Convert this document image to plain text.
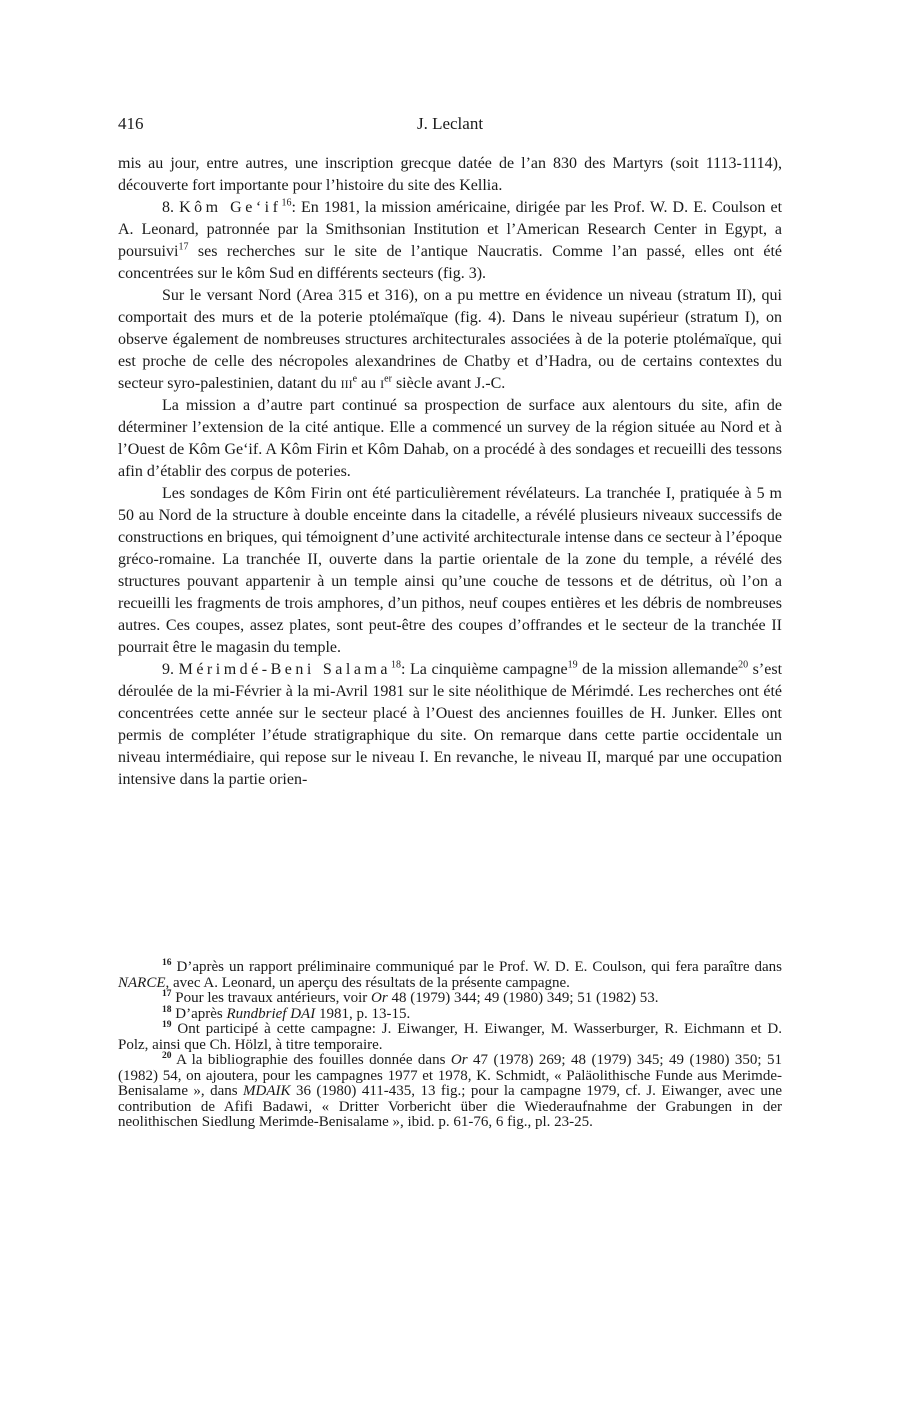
416	J. Leclant

mis au jour, entre autres, une inscription grecque datée de l’an 830 des Martyrs (soit 1113-1114), découverte fort importante pour l’histoire du site des Kellia.

8. Kôm $Ge‘if^{16}$: En 1981, la mission américaine, dirigée par les Prof. W. D. E. Coulson et A. Leonard, patronnée par la Smithsonian Institution et l’American Research Center in Egypt, a poursuivi$^{17}$ ses recherches sur le site de l’antique Naucratis. Comme l’an passé, elles ont été concentrées sur le kôm Sud en différents secteurs (fig. 3).

Sur le versant Nord (Area 315 et 316), on a pu mettre en évidence un niveau (stratum II), qui comportait des murs et de la poterie ptolémaïque (fig. 4). Dans le niveau supérieur (stratum I), on observe également de nombreuses structures architecturales associées à de la poterie ptolémaïque, qui est proche de celle des nécropoles alexandrines de Chatby et d’Hadra, ou de certains contextes du secteur syro-palestinien, datant du IIIe au Ier siècle avant J.-C.

La mission a d’autre part continué sa prospection de surface aux alentours du site, afin de déterminer l’extension de la cité antique. Elle a commencé un survey de la région située au Nord et à l’Ouest de Kôm Ge‘if. A Kôm Firin et Kôm Dahab, on a procédé à des sondages et recueilli des tessons afin d’établir des corpus de poteries.

Les sondages de Kôm Firin ont été particulièrement révélateurs. La tranchée I, pratiquée à 5 m 50 au Nord de la structure à double enceinte dans la citadelle, a révélé plusieurs niveaux successifs de constructions en briques, qui témoignent d’une activité architecturale intense dans ce secteur à l’époque gréco-romaine. La tranchée II, ouverte dans la partie orientale de la zone du temple, a révélé des structures pouvant appartenir à un temple ainsi qu’une couche de tessons et de détritus, où l’on a recueilli les fragments de trois amphores, d’un pithos, neuf coupes entières et les débris de nombreuses autres. Ces coupes, assez plates, sont peut-être des coupes d’offrandes et le secteur de la tranchée II pourrait être le magasin du temple.

9. Mérimdé-Beni Salama$^{18}$: La cinquième campagne$^{19}$ de la mission allemande$^{20}$ s’est déroulée de la mi-Février à la mi-Avril 1981 sur le site néolithique de Mérimdé. Les recherches ont été concentrées cette année sur le secteur placé à l’Ouest des anciennes fouilles de H. Junker. Elles ont permis de compléter l’étude stratigraphique du site. On remarque dans cette partie occidentale un niveau intermédiaire, qui repose sur le niveau I. En revanche, le niveau II, marqué par une occupation intensive dans la partie orien-

$^{16}$ D’après un rapport préliminaire communiqué par le Prof. W. D. E. Coulson, qui fera paraître dans NARCE, avec A. Leonard, un aperçu des résultats de la présente campagne.

$^{17}$ Pour les travaux antérieurs, voir Or 48 (1979) 344; 49 (1980) 349; 51 (1982) 53.

$^{18}$ D’après Rundbrief DAI 1981, p. 13-15.

$^{19}$ Ont participé à cette campagne: J. Eiwanger, H. Eiwanger, M. Wasserburger, R. Eichmann et D. Polz, ainsi que Ch. Hölzl, à titre temporaire.

$^{20}$ A la bibliographie des fouilles donnée dans Or 47 (1978) 269; 48 (1979) 345; 49 (1980) 350; 51 (1982) 54, on ajoutera, pour les campagnes 1977 et 1978, K. Schmidt, « Paläolithische Funde aus Merimde-Benisalame », dans MDAIK 36 (1980) 411-435, 13 fig.; pour la campagne 1979, cf. J. Eiwanger, avec une contribution de Afifi Badawi, « Dritter Vorbericht über die Wiederaufnahme der Grabungen in der neolithischen Siedlung Merimde-Benisalame », ibid. p. 61-76, 6 fig., pl. 23-25.
